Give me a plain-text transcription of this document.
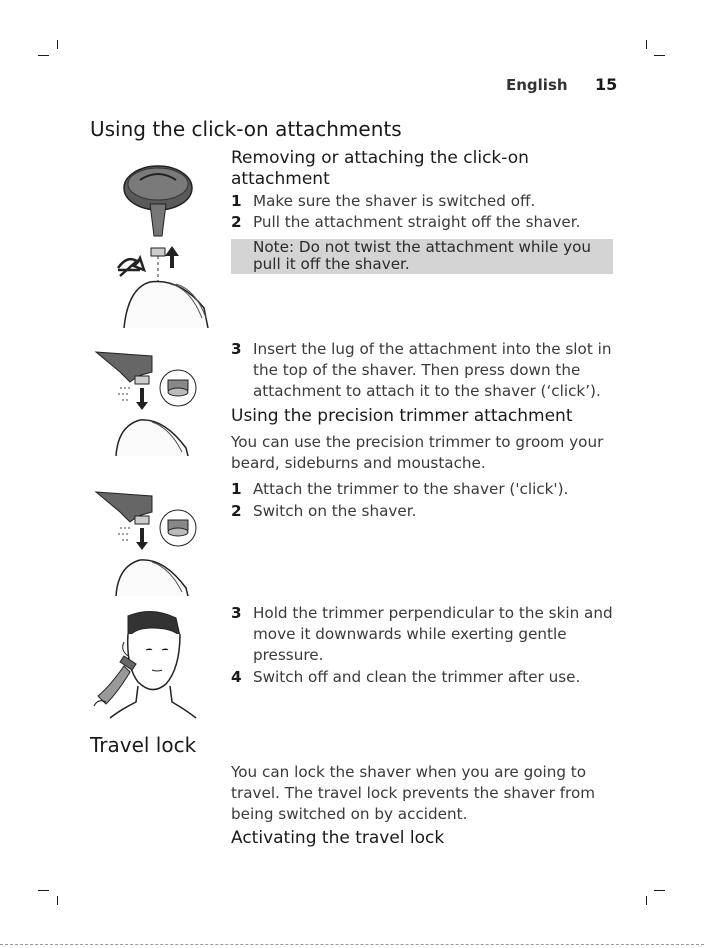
English 15
Using the click-on attachments
Removing or attaching the click-on attachment
1 Make sure the shaver is switched off.
2 Pull the attachment straight off the shaver.
Note: Do not twist the attachment while you pull it off the shaver.
3 Insert the lug of the attachment into the slot in the top of the shaver. Then press down the attachment to attach it to the shaver (‘click’).
Using the precision trimmer attachment
You can use the precision trimmer to groom your beard, sideburns and moustache.
1 Attach the trimmer to the shaver ('click').
2 Switch on the shaver.
3 Hold the trimmer perpendicular to the skin and move it downwards while exerting gentle pressure.
4 Switch off and clean the trimmer after use.
Travel lock
You can lock the shaver when you are going to travel. The travel lock prevents the shaver from being switched on by accident.
Activating the travel lock
